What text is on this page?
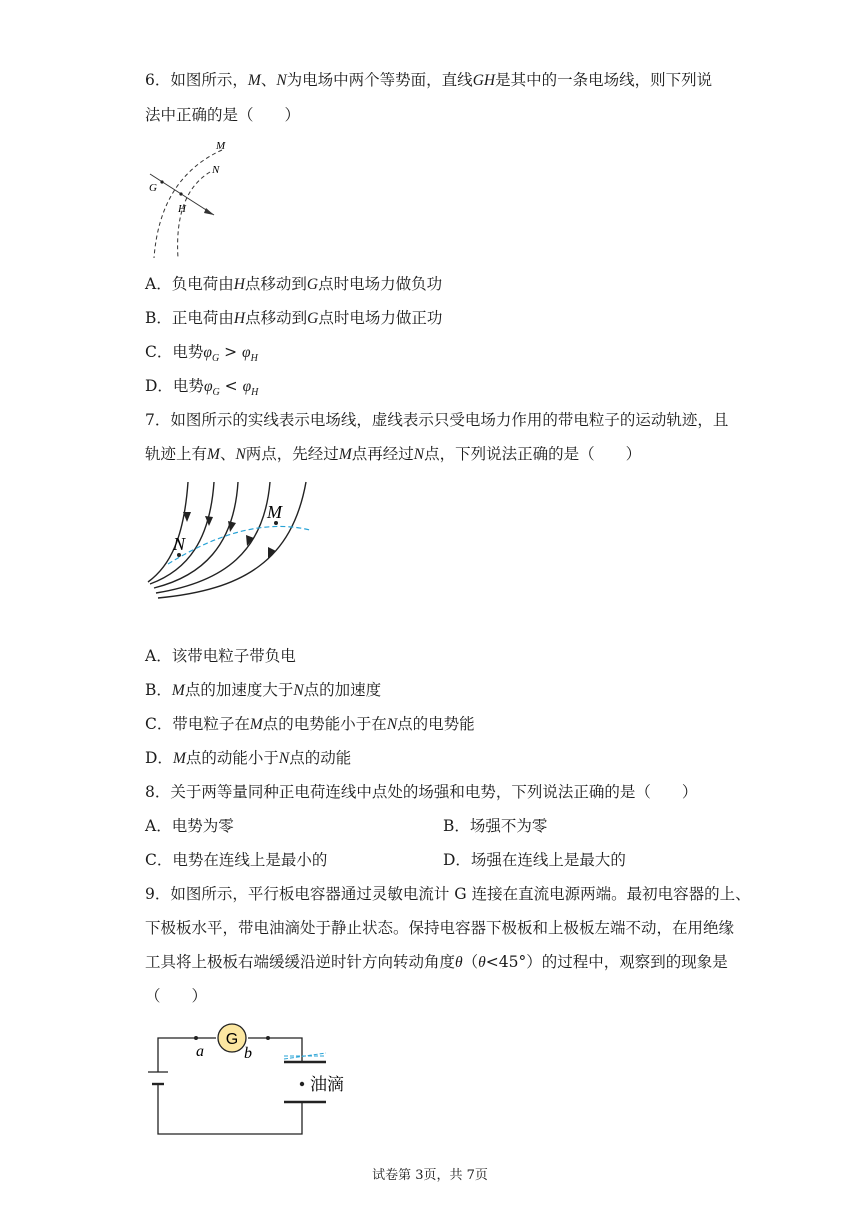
6．如图所示，M、N为电场中两个等势面，直线GH是其中的一条电场线，则下列说
法中正确的是（　　）
M
N
G
H
A．负电荷由H点移动到G点时电场力做负功
B．正电荷由H点移动到G点时电场力做正功
C．电势$\varphi_G > \varphi_H$
D．电势$\varphi_G < \varphi_H$
7．如图所示的实线表示电场线，虚线表示只受电场力作用的带电粒子的运动轨迹，且
轨迹上有M、N两点，先经过M点再经过N点，下列说法正确的是（　　）
M
N
A．该带电粒子带负电
B．M点的加速度大于N点的加速度
C．带电粒子在M点的电势能小于在N点的电势能
D．M点的动能小于N点的动能
8．关于两等量同种正电荷连线中点处的场强和电势，下列说法正确的是（　　）
A．电势为零	B．场强不为零
C．电势在连线上是最小的	D．场强在连线上是最大的
9．如图所示，平行板电容器通过灵敏电流计 G 连接在直流电源两端。最初电容器的上、
下极板水平，带电油滴处于静止状态。保持电容器下极板和上极板左端不动，在用绝缘
工具将上极板右端缓缓沿逆时针方向转动角度θ（θ<45°）的过程中，观察到的现象是
（　　）
G
a	b
油滴
试卷第 3页，共 7页
